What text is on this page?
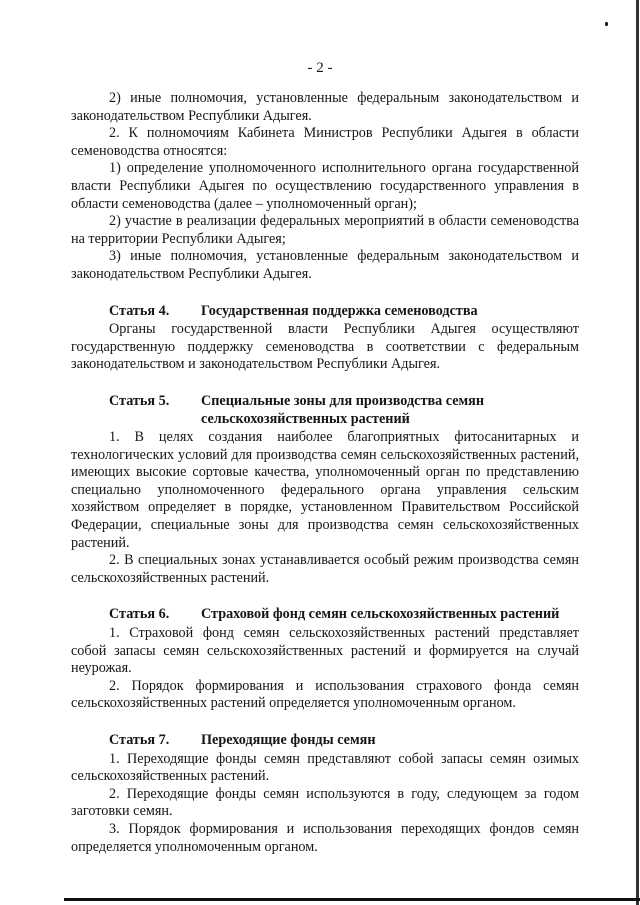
- 2 -

2) иные полномочия, установленные федеральным законодательством и законодательством Республики Адыгея.

2. К полномочиям Кабинета Министров Республики Адыгея в области семеноводства относятся:

1) определение уполномоченного исполнительного органа государственной власти Республики Адыгея по осуществлению государственного управления в области семеноводства (далее – уполномоченный орган);

2) участие в реализации федеральных мероприятий в области семеноводства на территории Республики Адыгея;

3) иные полномочия, установленные федеральным законодательством и законодательством Республики Адыгея.

Статья 4.	Государственная поддержка семеноводства

Органы государственной власти Республики Адыгея осуществляют государственную поддержку семеноводства в соответствии с федеральным законодательством и законодательством Республики Адыгея.

Статья 5.	Специальные зоны для производства семян сельскохозяйственных растений

1. В целях создания наиболее благоприятных фитосанитарных и технологических условий для производства семян сельскохозяйственных растений, имеющих высокие сортовые качества, уполномоченный орган по представлению специально уполномоченного федерального органа управления сельским хозяйством определяет в порядке, установленном Правительством Российской Федерации, специальные зоны для производства семян сельскохозяйственных растений.

2. В специальных зонах устанавливается особый режим производства семян сельскохозяйственных растений.

Статья 6.	Страховой фонд семян сельскохозяйственных растений

1. Страховой фонд семян сельскохозяйственных растений представляет собой запасы семян сельскохозяйственных растений и формируется на случай неурожая.

2. Порядок формирования и использования страхового фонда семян сельскохозяйственных растений определяется уполномоченным органом.

Статья 7.	Переходящие фонды семян

1. Переходящие фонды семян представляют собой запасы семян озимых сельскохозяйственных растений.

2. Переходящие фонды семян используются в году, следующем за годом заготовки семян.

3. Порядок формирования и использования переходящих фондов семян определяется уполномоченным органом.
